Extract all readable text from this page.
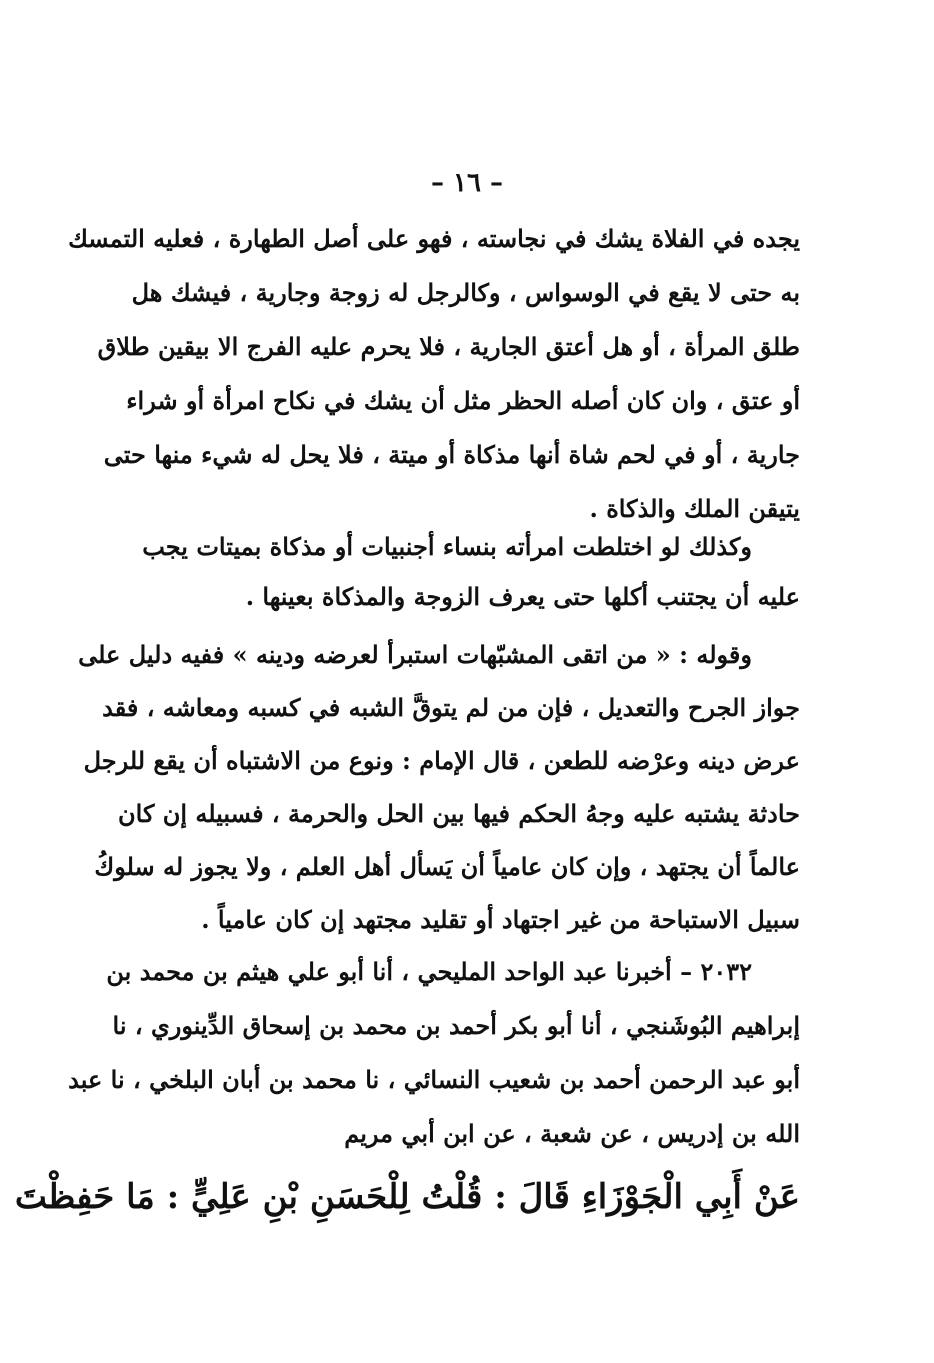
– ١٦ –
يجده في الفلاة يشك في نجاسته ، فهو على أصل الطهارة ، فعليه التمسك
به حتى لا يقع في الوسواس ، وكالرجل له زوجة وجارية ، فيشك هل
طلق المرأة ، أو هل أعتق الجارية ، فلا يحرم عليه الفرج الا بيقين طلاق
أو عتق ، وان كان أصله الحظر مثل أن يشك في نكاح امرأة أو شراء
جارية ، أو في لحم شاة أنها مذكاة أو ميتة ، فلا يحل له شيء منها حتى
يتيقن الملك والذكاة .
وكذلك لو اختلطت امرأته بنساء أجنبيات أو مذكاة بميتات يجب
عليه أن يجتنب أكلها حتى يعرف الزوجة والمذكاة بعينها .
وقوله : « من اتقى المشبّهات استبرأ لعرضه ودينه » ففيه دليل على
جواز الجرح والتعديل ، فإن من لم يتوقَّ الشبه في كسبه ومعاشه ، فقد
عرض دينه وعرْضه للطعن ، قال الإمام : ونوع من الاشتباه أن يقع للرجل
حادثة يشتبه عليه وجهُ الحكم فيها بين الحل والحرمة ، فسبيله إن كان
عالماً أن يجتهد ، وإن كان عامياً أن يَسأل أهل العلم ، ولا يجوز له سلوكُ
سبيل الاستباحة من غير اجتهاد أو تقليد مجتهد إن كان عامياً .
٢٠٣٢ – أخبرنا عبد الواحد المليحي ، أنا أبو علي هيثم بن محمد بن
إبراهيم البُوشَنجي ، أنا أبو بكر أحمد بن محمد بن إسحاق الدِّينوري ، نا
أبو عبد الرحمن أحمد بن شعيب النسائي ، نا محمد بن أبان البلخي ، نا عبد
الله بن إدريس ، عن شعبة ، عن ابن أبي مريم
عَنْ أَبِي الْجَوْزَاءِ قَالَ : قُلْتُ لِلْحَسَنِ بْنِ عَلِيٍّ : مَا حَفِظْتَ
